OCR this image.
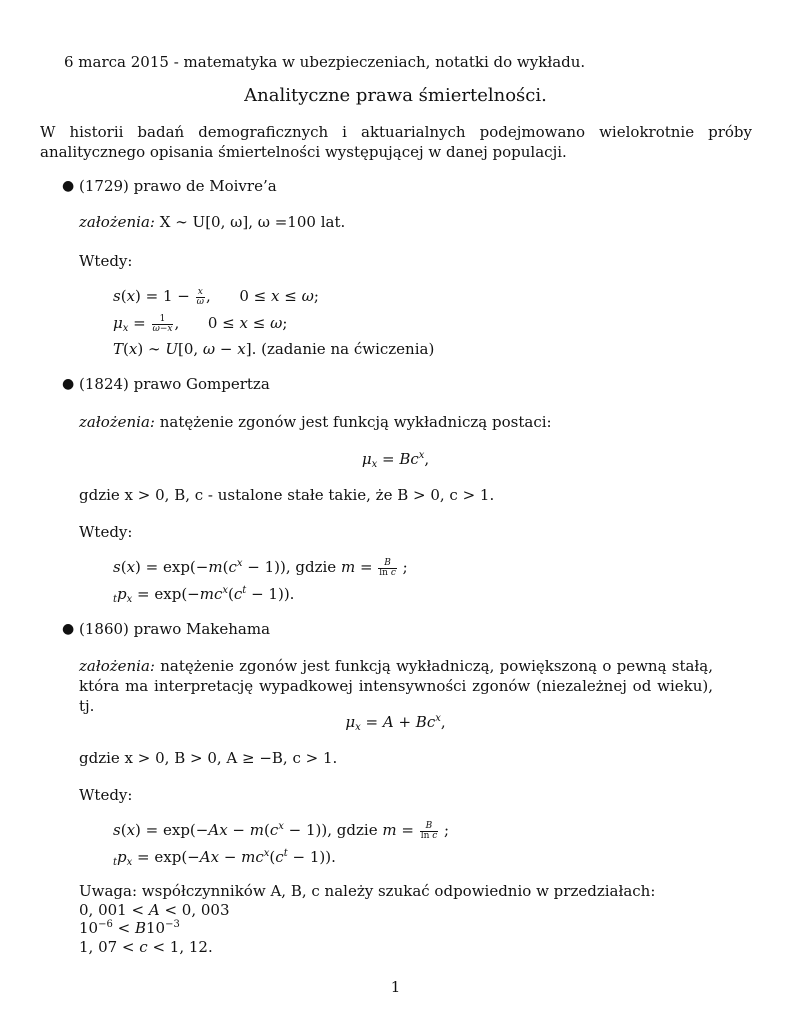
6 marca 2015 - matematyka w ubezpieczeniach, notatki do wykładu.
Analityczne prawa śmiertelności.
W historii badań demograficznych i aktuarialnych podejmowano wielokrotnie próby analitycznego opisania śmiertelności występującej w danej populacji.
● (1729) prawo de Moivre’a
założenia: X ∼ U[0, ω], ω =100 lat.
Wtedy:
$s(x) = 1 - \frac{x}{\omega}$ ,      0 ≤ x ≤ ω;
$\mu_x = \frac{1}{\omega-x}$ ,      0 ≤ x ≤ ω;
T(x) ∼ U[0, ω − x]. (zadanie na ćwiczenia)
● (1824) prawo Gompertza
założenia: natężenie zgonów jest funkcją wykładniczą postaci:
$\mu_x = Bc^x$,
gdzie x > 0, B, c - ustalone stałe takie, że B > 0, c > 1.
Wtedy:
$s(x) = \exp(-m(c^x - 1))$, gdzie $m = \frac{B}{\text{ln c}}$ ;
$_tp_x = \exp(-mc^x(c^t - 1))$.
● (1860) prawo Makehama
założenia: natężenie zgonów jest funkcją wykładniczą, powiększoną o pewną stałą, która ma interpretację wypadkowej intensywności zgonów (niezależnej od wieku), tj.
$\mu_x = A + Bc^x$,
gdzie x > 0, B > 0, A ≥ −B, c > 1.
Wtedy:
$s(x) = \exp(-Ax - m(c^x - 1))$, gdzie $m = \frac{B}{\text{ln c}}$ ;
$_tp_x = \exp(-Ax - mc^x(c^t - 1))$.
Uwaga: współczynników A, B, c należy szukać odpowiednio w przedziałach:
0, 001 < A < 0, 003
$10^{-6} < B10^{-3}$
1, 07 < c < 1, 12.
1
